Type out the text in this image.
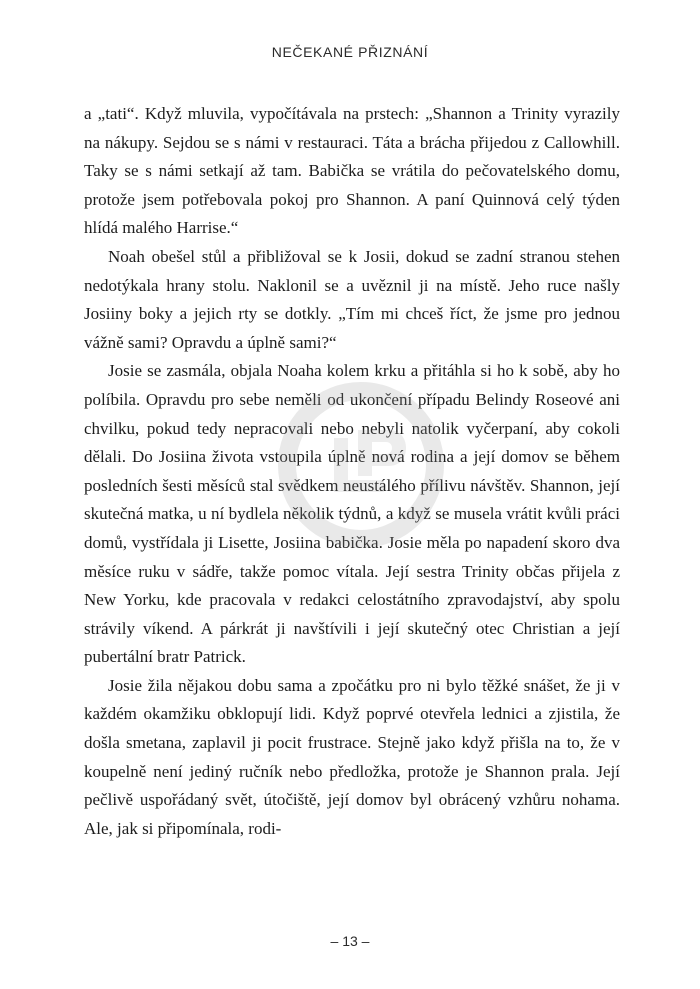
NEČEKANÉ PŘIZNÁNÍ

a „tati“. Když mluvila, vypočítávala na prstech: „Shannon a Trinity vyrazily na nákupy. Sejdou se s námi v restauraci. Táta a brácha přijedou z Callowhill. Taky se s námi setkají až tam. Babička se vrátila do pečovatelského domu, protože jsem potřebovala pokoj pro Shannon. A paní Quinnová celý týden hlídá malého Harrise.“

Noah obešel stůl a přibližoval se k Josii, dokud se zadní stranou stehen nedotýkala hrany stolu. Naklonil se a uvěznil ji na místě. Jeho ruce našly Josiiny boky a jejich rty se dotkly. „Tím mi chceš říct, že jsme pro jednou vážně sami? Opravdu a úplně sami?“

Josie se zasmála, objala Noaha kolem krku a přitáhla si ho k sobě, aby ho políbila. Opravdu pro sebe neměli od ukončení případu Belindy Roseové ani chvilku, pokud tedy nepracovali nebo nebyli natolik vyčerpaní, aby cokoli dělali. Do Josiina života vstoupila úplně nová rodina a její domov se během posledních šesti měsíců stal svědkem neustálého přílivu návštěv. Shannon, její skutečná matka, u ní bydlela několik týdnů, a když se musela vrátit kvůli práci domů, vystřídala ji Lisette, Josiina babička. Josie měla po napadení skoro dva měsíce ruku v sádře, takže pomoc vítala. Její sestra Trinity občas přijela z New Yorku, kde pracovala v redakci celostátního zpravodajství, aby spolu strávily víkend. A párkrát ji navštívili i její skutečný otec Christian a její pubertální bratr Patrick.

Josie žila nějakou dobu sama a zpočátku pro ni bylo těžké snášet, že ji v každém okamžiku obklopují lidi. Když poprvé otevřela lednici a zjistila, že došla smetana, zaplavil ji pocit frustrace. Stejně jako když přišla na to, že v koupelně není jediný ručník nebo předložka, protože je Shannon prala. Její pečlivě uspořádaný svět, útočiště, její domov byl obrácený vzhůru nohama. Ale, jak si připomínala, rodi-

– 13 –
